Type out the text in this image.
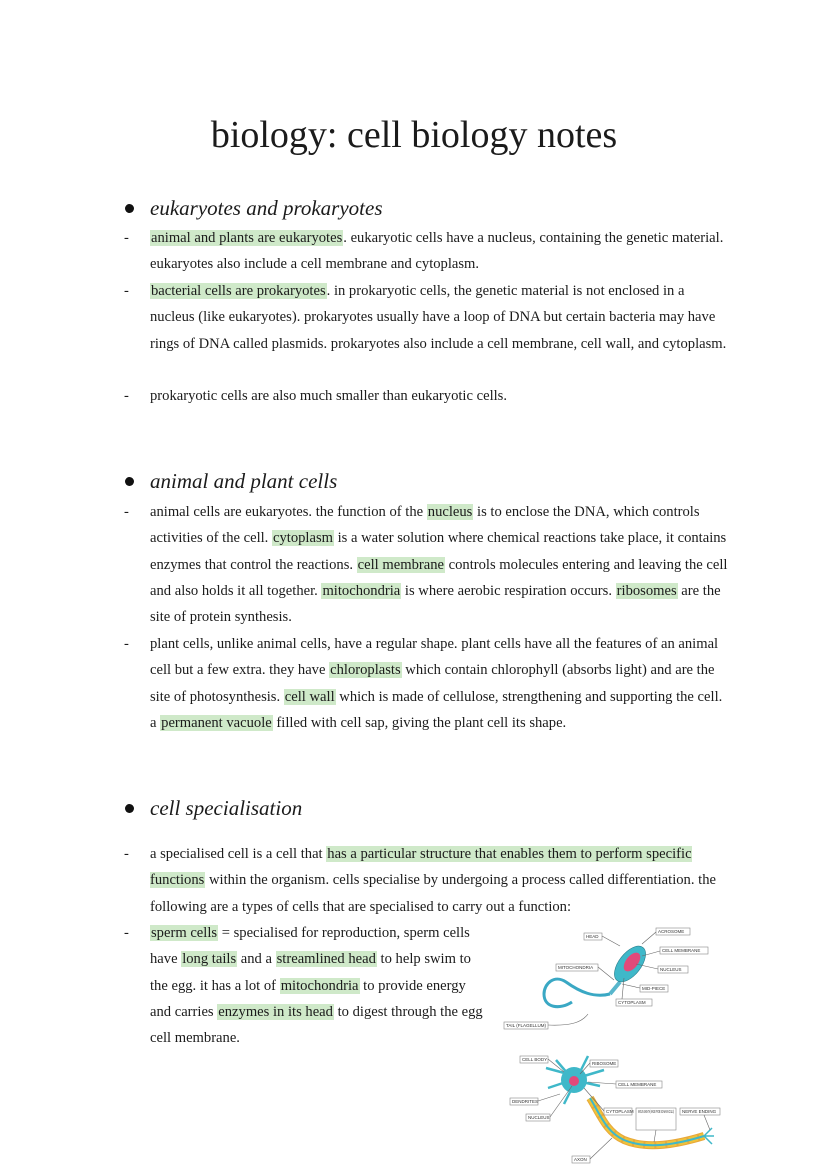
biology: cell biology notes
eukaryotes and prokaryotes
- animal and plants are eukaryotes. eukaryotic cells have a nucleus, containing the genetic material. eukaryotes also include a cell membrane and cytoplasm.

- bacterial cells are prokaryotes. in prokaryotic cells, the genetic material is not enclosed in a nucleus (like eukaryotes). prokaryotes usually have a loop of DNA but certain bacteria may have rings of DNA called plasmids. prokaryotes also include a cell membrane, cell wall, and cytoplasm.

- prokaryotic cells are also much smaller than eukaryotic cells.

animal and plant cells
- animal cells are eukaryotes. the function of the nucleus is to enclose the DNA, which controls activities of the cell. cytoplasm is a water solution where chemical reactions take place, it contains enzymes that control the reactions. cell membrane controls molecules entering and leaving the cell and also holds it all together. mitochondria is where aerobic respiration occurs. ribosomes are the site of protein synthesis.

- plant cells, unlike animal cells, have a regular shape. plant cells have all the features of an animal cell but a few extra. they have chloroplasts which contain chlorophyll (absorbs light) and are the site of photosynthesis. cell wall which is made of cellulose, strengthening and supporting the cell. a permanent vacuole filled with cell sap, giving the plant cell its shape.

cell specialisation
- a specialised cell is a cell that has a particular structure that enables them to perform specific functions within the organism. cells specialise by undergoing a process called differentiation. the following are a types of cells that are specialised to carry out a function:

- sperm cells = specialised for reproduction, sperm cells have long tails and a streamlined head to help swim to the egg. it has a lot of mitochondria to provide energy and carries enzymes in its head to digest through the egg cell membrane.

HEAD
ACROSOME
CELL MEMBRANE
NUCLEUS
MITOCHONDRIA
MID-PIECE
CYTOPLASM
TAIL (FLAGELLUM)
CELL BODY
RIBOSOME
CELL MEMBRANE
DENDRITES
NUCLEUS
CYTOPLASM MYELIN SHEATH (MADE FROM SCHWANN CELLS) NERVE ENDING
AXON
